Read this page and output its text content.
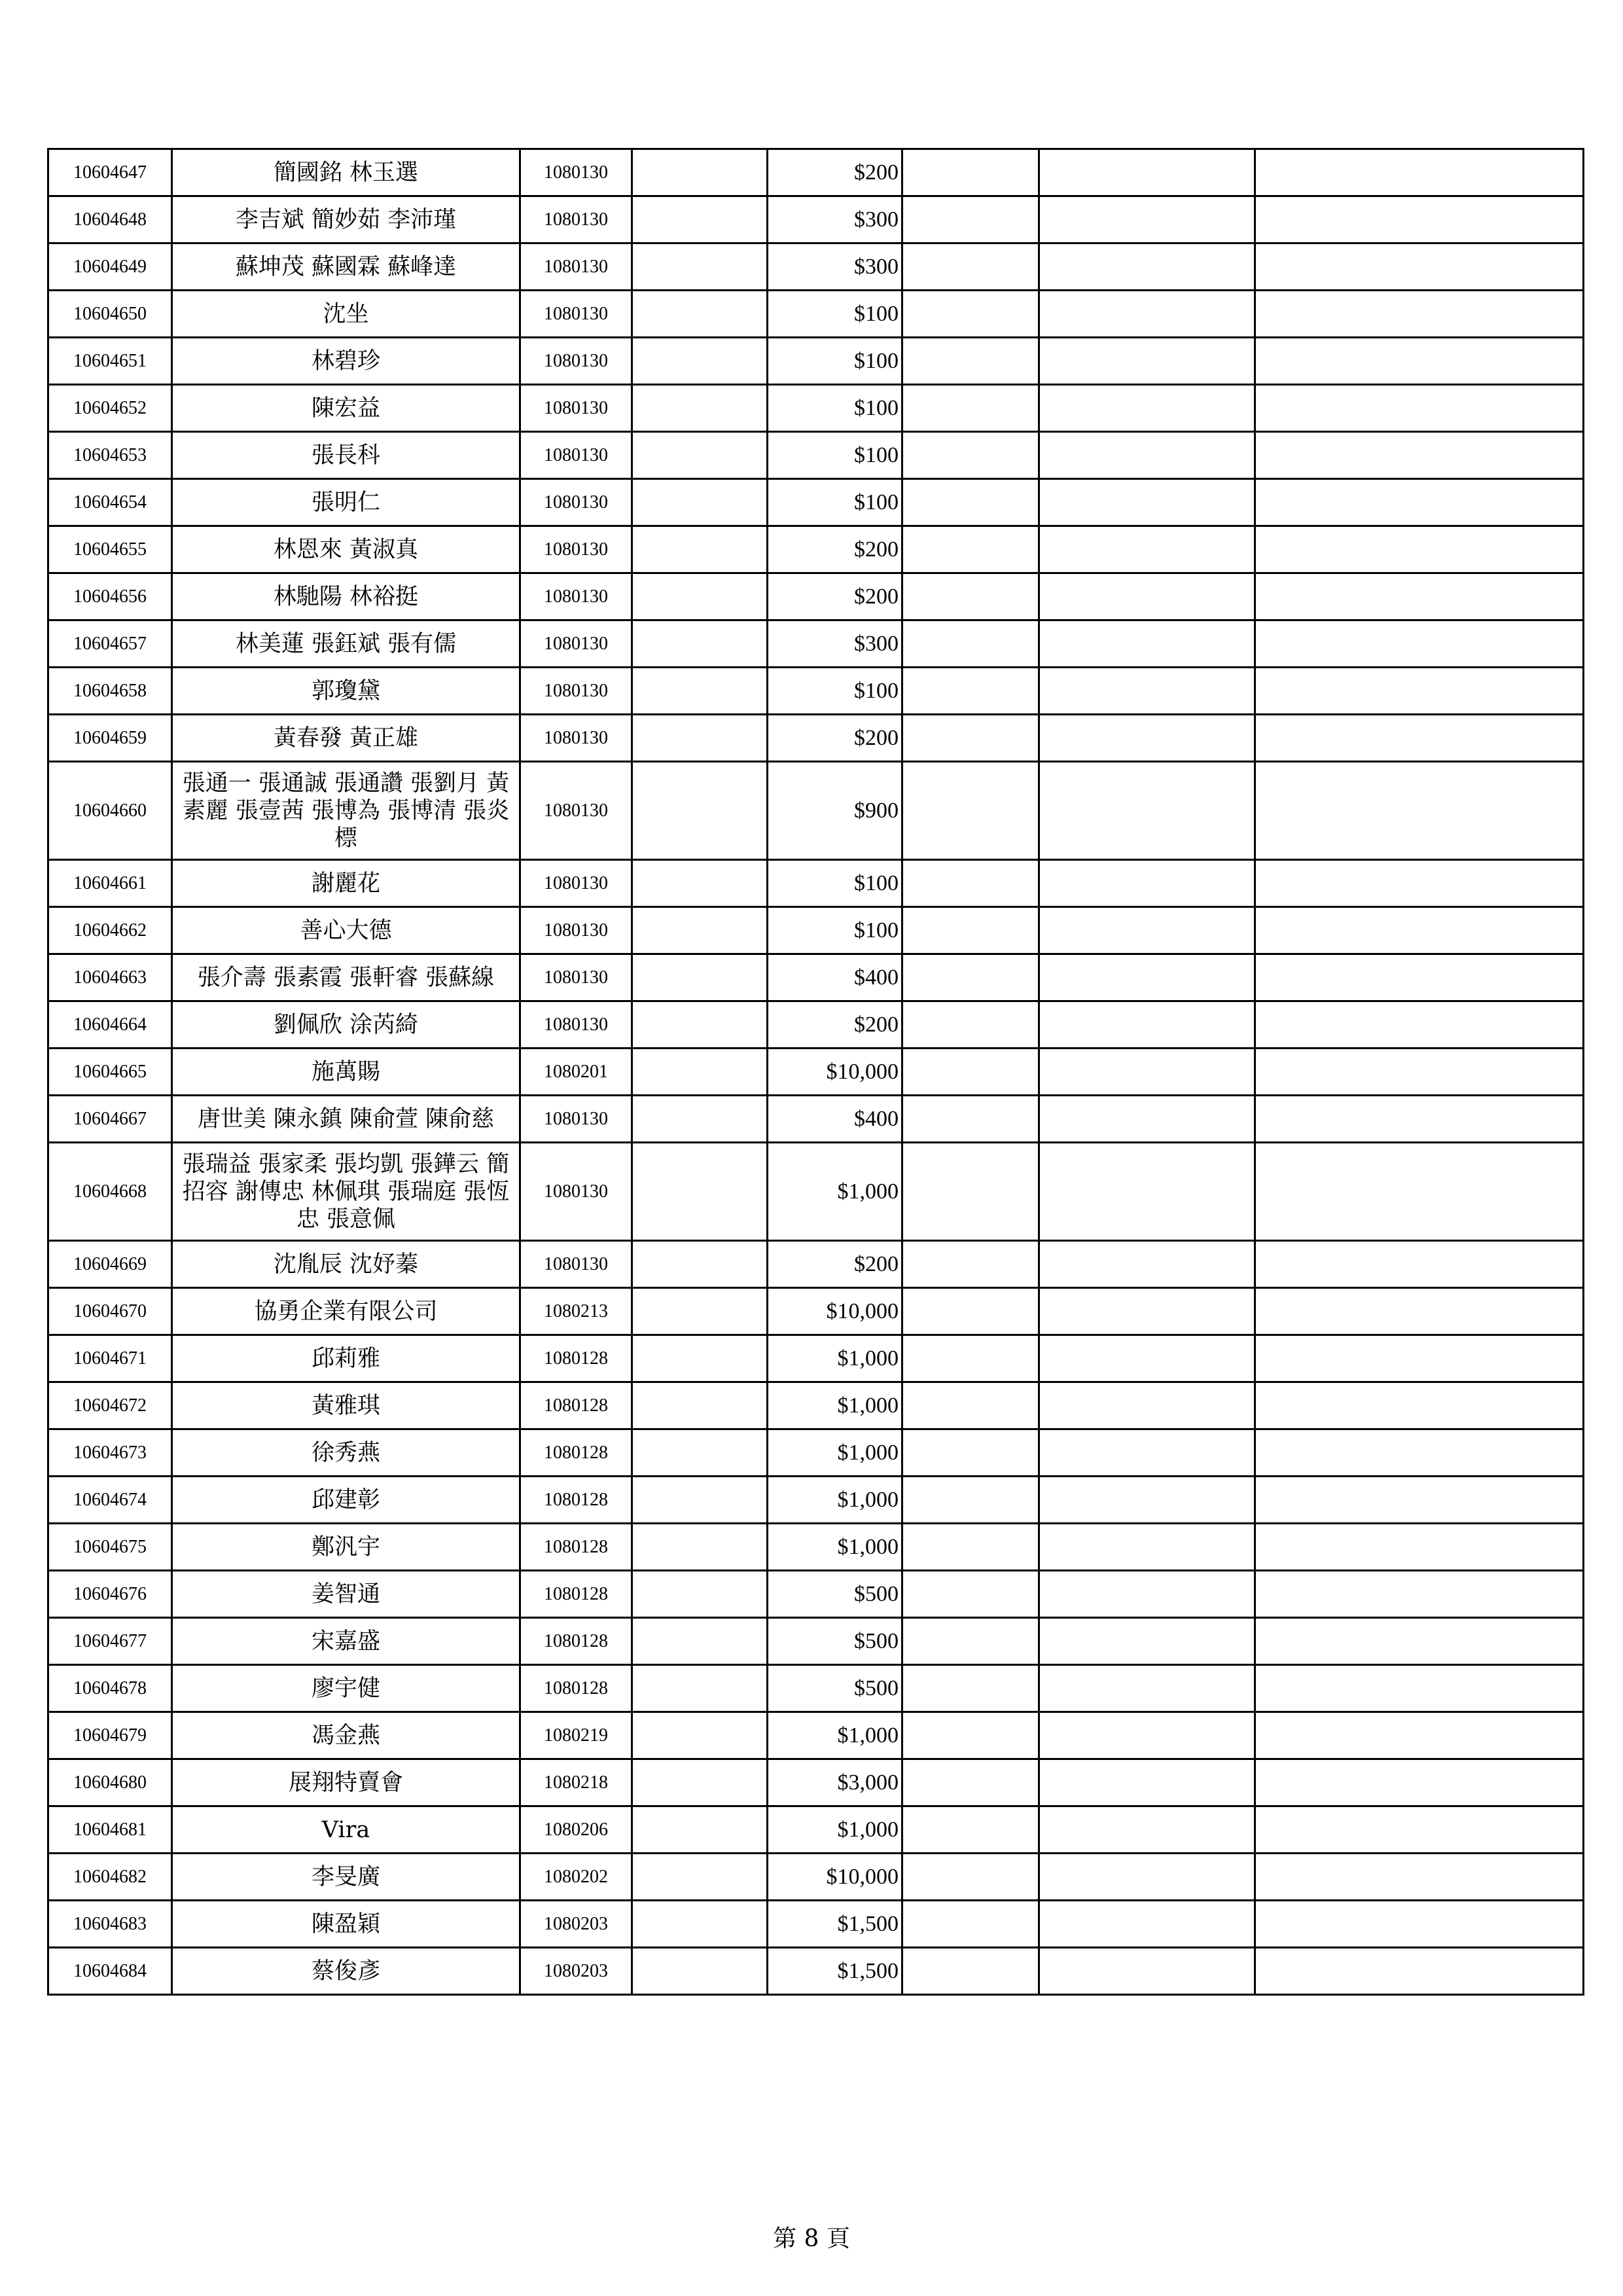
10604647	簡國銘 林玉選	1080130		$200			
10604648	李吉斌 簡妙茹 李沛瑾	1080130		$300			
10604649	蘇坤茂 蘇國霖 蘇峰達	1080130		$300			
10604650	沈坐	1080130		$100			
10604651	林碧珍	1080130		$100			
10604652	陳宏益	1080130		$100			
10604653	張長科	1080130		$100			
10604654	張明仁	1080130		$100			
10604655	林恩來 黃淑真	1080130		$200			
10604656	林馳陽 林裕挺	1080130		$200			
10604657	林美蓮 張鈺斌 張有儒	1080130		$300			
10604658	郭瓊黛	1080130		$100			
10604659	黃春發 黃正雄	1080130		$200			
10604660	張通一 張通誠 張通讚 張劉月 黃素麗 張壹茜 張博為 張博清 張炎標	1080130		$900			
10604661	謝麗花	1080130		$100			
10604662	善心大德	1080130		$100			
10604663	張介壽 張素霞 張軒睿 張蘇線	1080130		$400			
10604664	劉佩欣 涂芮綺	1080130		$200			
10604665	施萬賜	1080201		$10,000			
10604667	唐世美 陳永鎮 陳俞萱 陳俞慈	1080130		$400			
10604668	張瑞益 張家柔 張均凱 張鏵云 簡招容 謝傳忠 林佩琪 張瑞庭 張恆忠 張意佩	1080130		$1,000			
10604669	沈胤辰 沈妤蓁	1080130		$200			
10604670	協勇企業有限公司	1080213		$10,000			
10604671	邱莉雅	1080128		$1,000			
10604672	黃雅琪	1080128		$1,000			
10604673	徐秀燕	1080128		$1,000			
10604674	邱建彰	1080128		$1,000			
10604675	鄭汎宇	1080128		$1,000			
10604676	姜智通	1080128		$500			
10604677	宋嘉盛	1080128		$500			
10604678	廖宇健	1080128		$500			
10604679	馮金燕	1080219		$1,000			
10604680	展翔特賣會	1080218		$3,000			
10604681	Vira	1080206		$1,000			
10604682	李旻廣	1080202		$10,000			
10604683	陳盈穎	1080203		$1,500			
10604684	蔡俊彥	1080203		$1,500			
第 8 頁
